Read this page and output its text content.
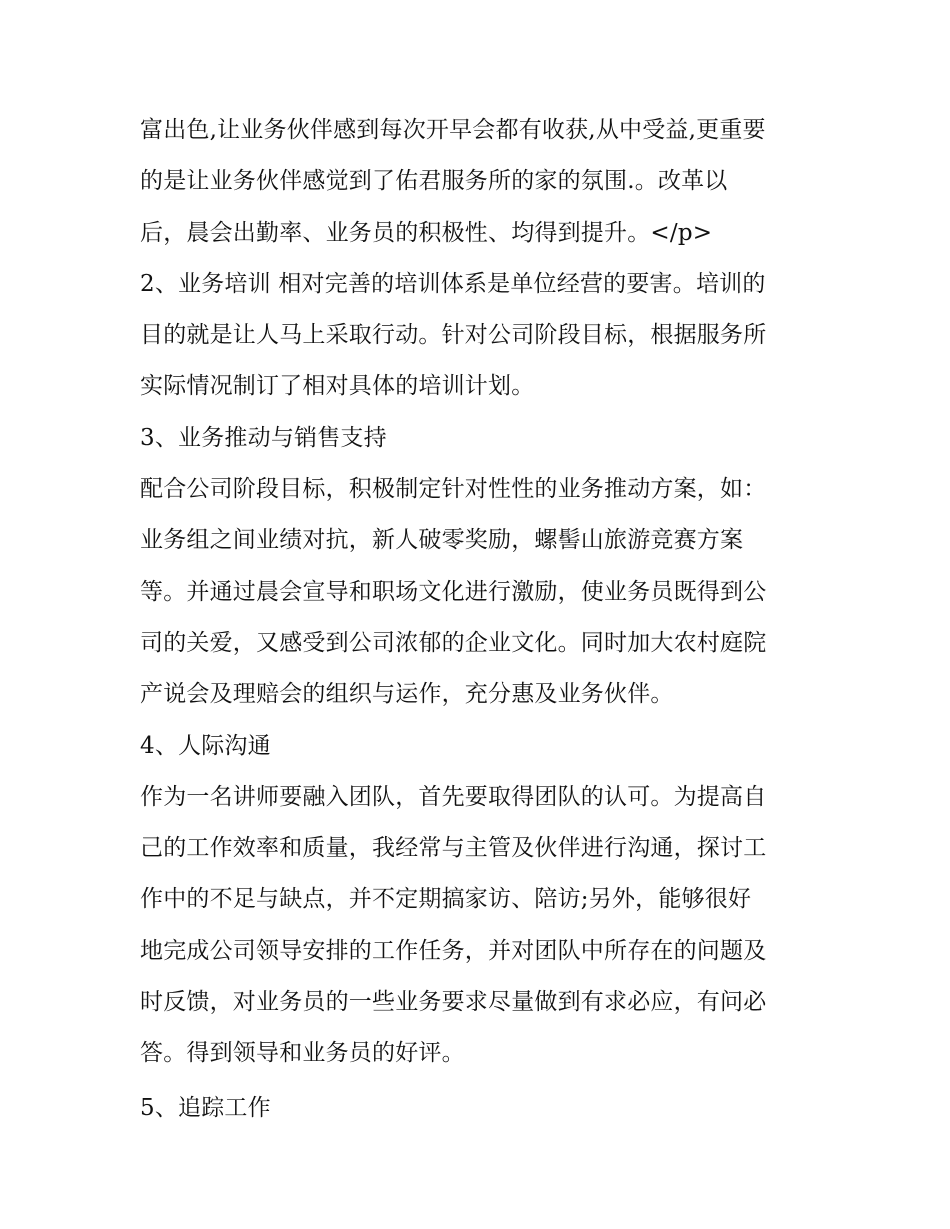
富出色,让业务伙伴感到每次开早会都有收获,从中受益,更重要
的是让业务伙伴感觉到了佑君服务所的家的氛围.。改革以
后，晨会出勤率、业务员的积极性、均得到提升。</p>
2、业务培训 相对完善的培训体系是单位经营的要害。培训的
目的就是让人马上采取行动。针对公司阶段目标，根据服务所
实际情况制订了相对具体的培训计划。
3、业务推动与销售支持
配合公司阶段目标，积极制定针对性性的业务推动方案，如：
业务组之间业绩对抗，新人破零奖励，螺髻山旅游竞赛方案
等。并通过晨会宣导和职场文化进行激励，使业务员既得到公
司的关爱，又感受到公司浓郁的企业文化。同时加大农村庭院
产说会及理赔会的组织与运作，充分惠及业务伙伴。
4、人际沟通
作为一名讲师要融入团队，首先要取得团队的认可。为提高自
己的工作效率和质量，我经常与主管及伙伴进行沟通，探讨工
作中的不足与缺点，并不定期搞家访、陪访;另外，能够很好
地完成公司领导安排的工作任务，并对团队中所存在的问题及
时反馈，对业务员的一些业务要求尽量做到有求必应，有问必
答。得到领导和业务员的好评。
5、追踪工作
